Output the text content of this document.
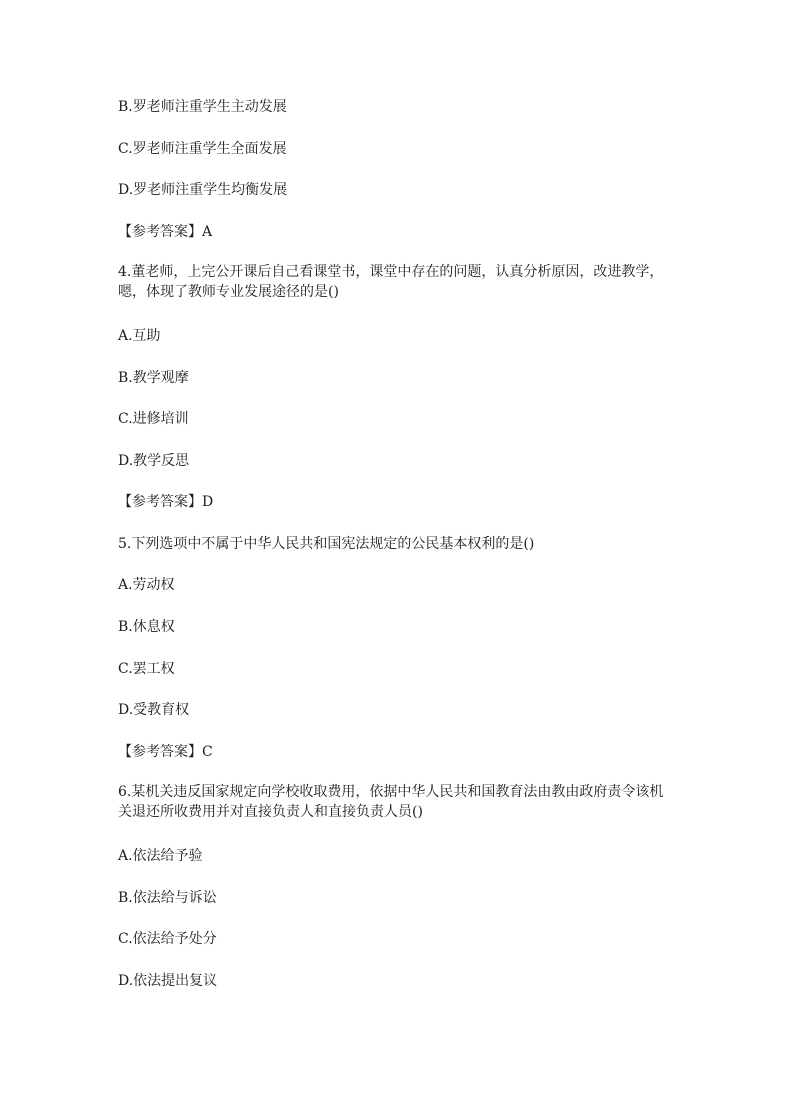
B.罗老师注重学生主动发展
C.罗老师注重学生全面发展
D.罗老师注重学生均衡发展
【参考答案】A
4.董老师，上完公开课后自己看课堂书，课堂中存在的问题，认真分析原因，改进教学，
嗯，体现了教师专业发展途径的是()
A.互助
B.教学观摩
C.进修培训
D.教学反思
【参考答案】D
5.下列选项中不属于中华人民共和国宪法规定的公民基本权利的是()
A.劳动权
B.休息权
C.罢工权
D.受教育权
【参考答案】C
6.某机关违反国家规定向学校收取费用，依据中华人民共和国教育法由教由政府责令该机
关退还所收费用并对直接负责人和直接负责人员()
A.依法给予验
B.依法给与诉讼
C.依法给予处分
D.依法提出复议
